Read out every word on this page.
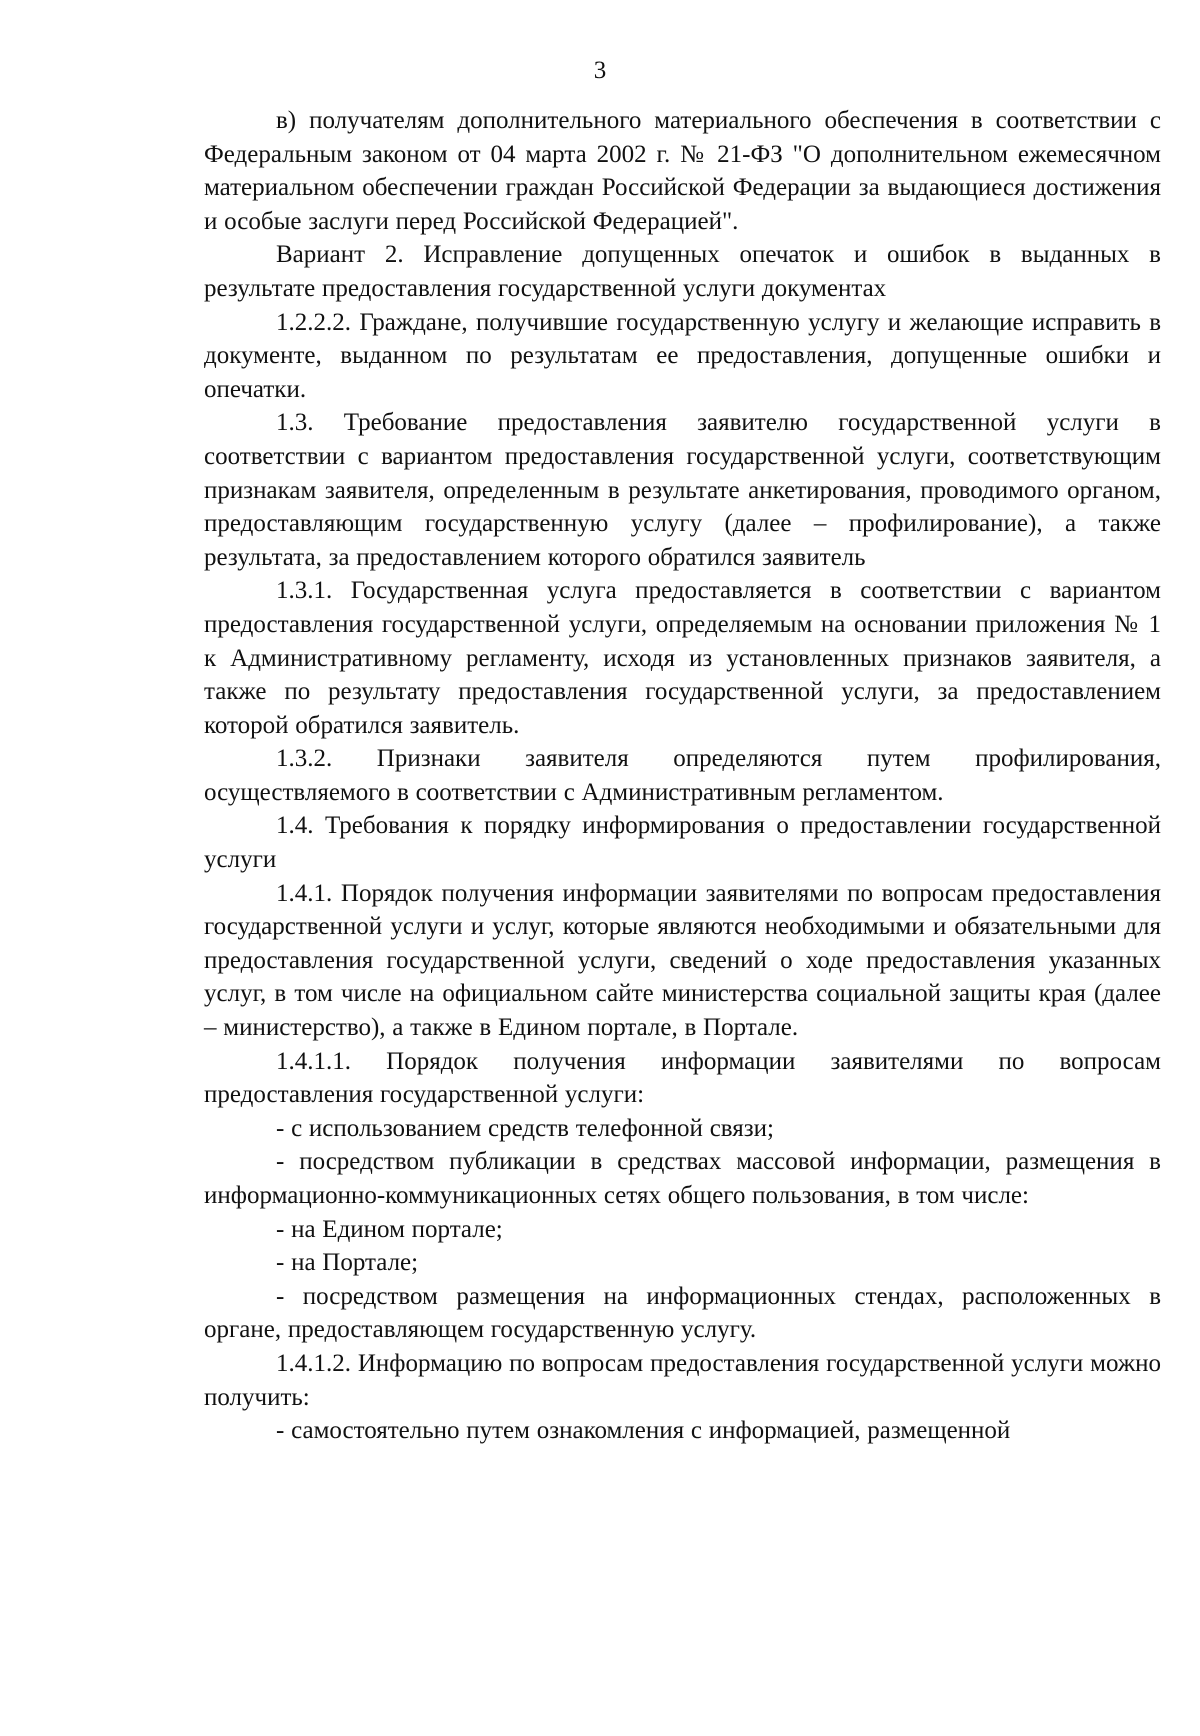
3

в) получателям дополнительного материального обеспечения в соответствии с Федеральным законом от 04 марта 2002 г. № 21-ФЗ "О дополнительном ежемесячном материальном обеспечении граждан Российской Федерации за выдающиеся достижения и особые заслуги перед Российской Федерацией".

Вариант 2. Исправление допущенных опечаток и ошибок в выданных в результате предоставления государственной услуги документах

1.2.2.2. Граждане, получившие государственную услугу и желающие исправить в документе, выданном по результатам ее предоставления, допущенные ошибки и опечатки.

1.3. Требование предоставления заявителю государственной услуги в соответствии с вариантом предоставления государственной услуги, соответствующим признакам заявителя, определенным в результате анкетирования, проводимого органом, предоставляющим государственную услугу (далее – профилирование), а также результата, за предоставлением которого обратился заявитель

1.3.1. Государственная услуга предоставляется в соответствии с вариантом предоставления государственной услуги, определяемым на основании приложения № 1 к Административному регламенту, исходя из установленных признаков заявителя, а также по результату предоставления государственной услуги, за предоставлением которой обратился заявитель.

1.3.2. Признаки заявителя определяются путем профилирования, осуществляемого в соответствии с Административным регламентом.

1.4. Требования к порядку информирования о предоставлении государственной услуги

1.4.1. Порядок получения информации заявителями по вопросам предоставления государственной услуги и услуг, которые являются необходимыми и обязательными для предоставления государственной услуги, сведений о ходе предоставления указанных услуг, в том числе на официальном сайте министерства социальной защиты края (далее – министерство), а также в Едином портале, в Портале.

1.4.1.1. Порядок получения информации заявителями по вопросам предоставления государственной услуги:

- с использованием средств телефонной связи;

- посредством публикации в средствах массовой информации, размещения в информационно-коммуникационных сетях общего пользования, в том числе:

- на Едином портале;

- на Портале;

- посредством размещения на информационных стендах, расположенных в органе, предоставляющем государственную услугу.

1.4.1.2. Информацию по вопросам предоставления государственной услуги можно получить:

- самостоятельно путем ознакомления с информацией, размещенной
